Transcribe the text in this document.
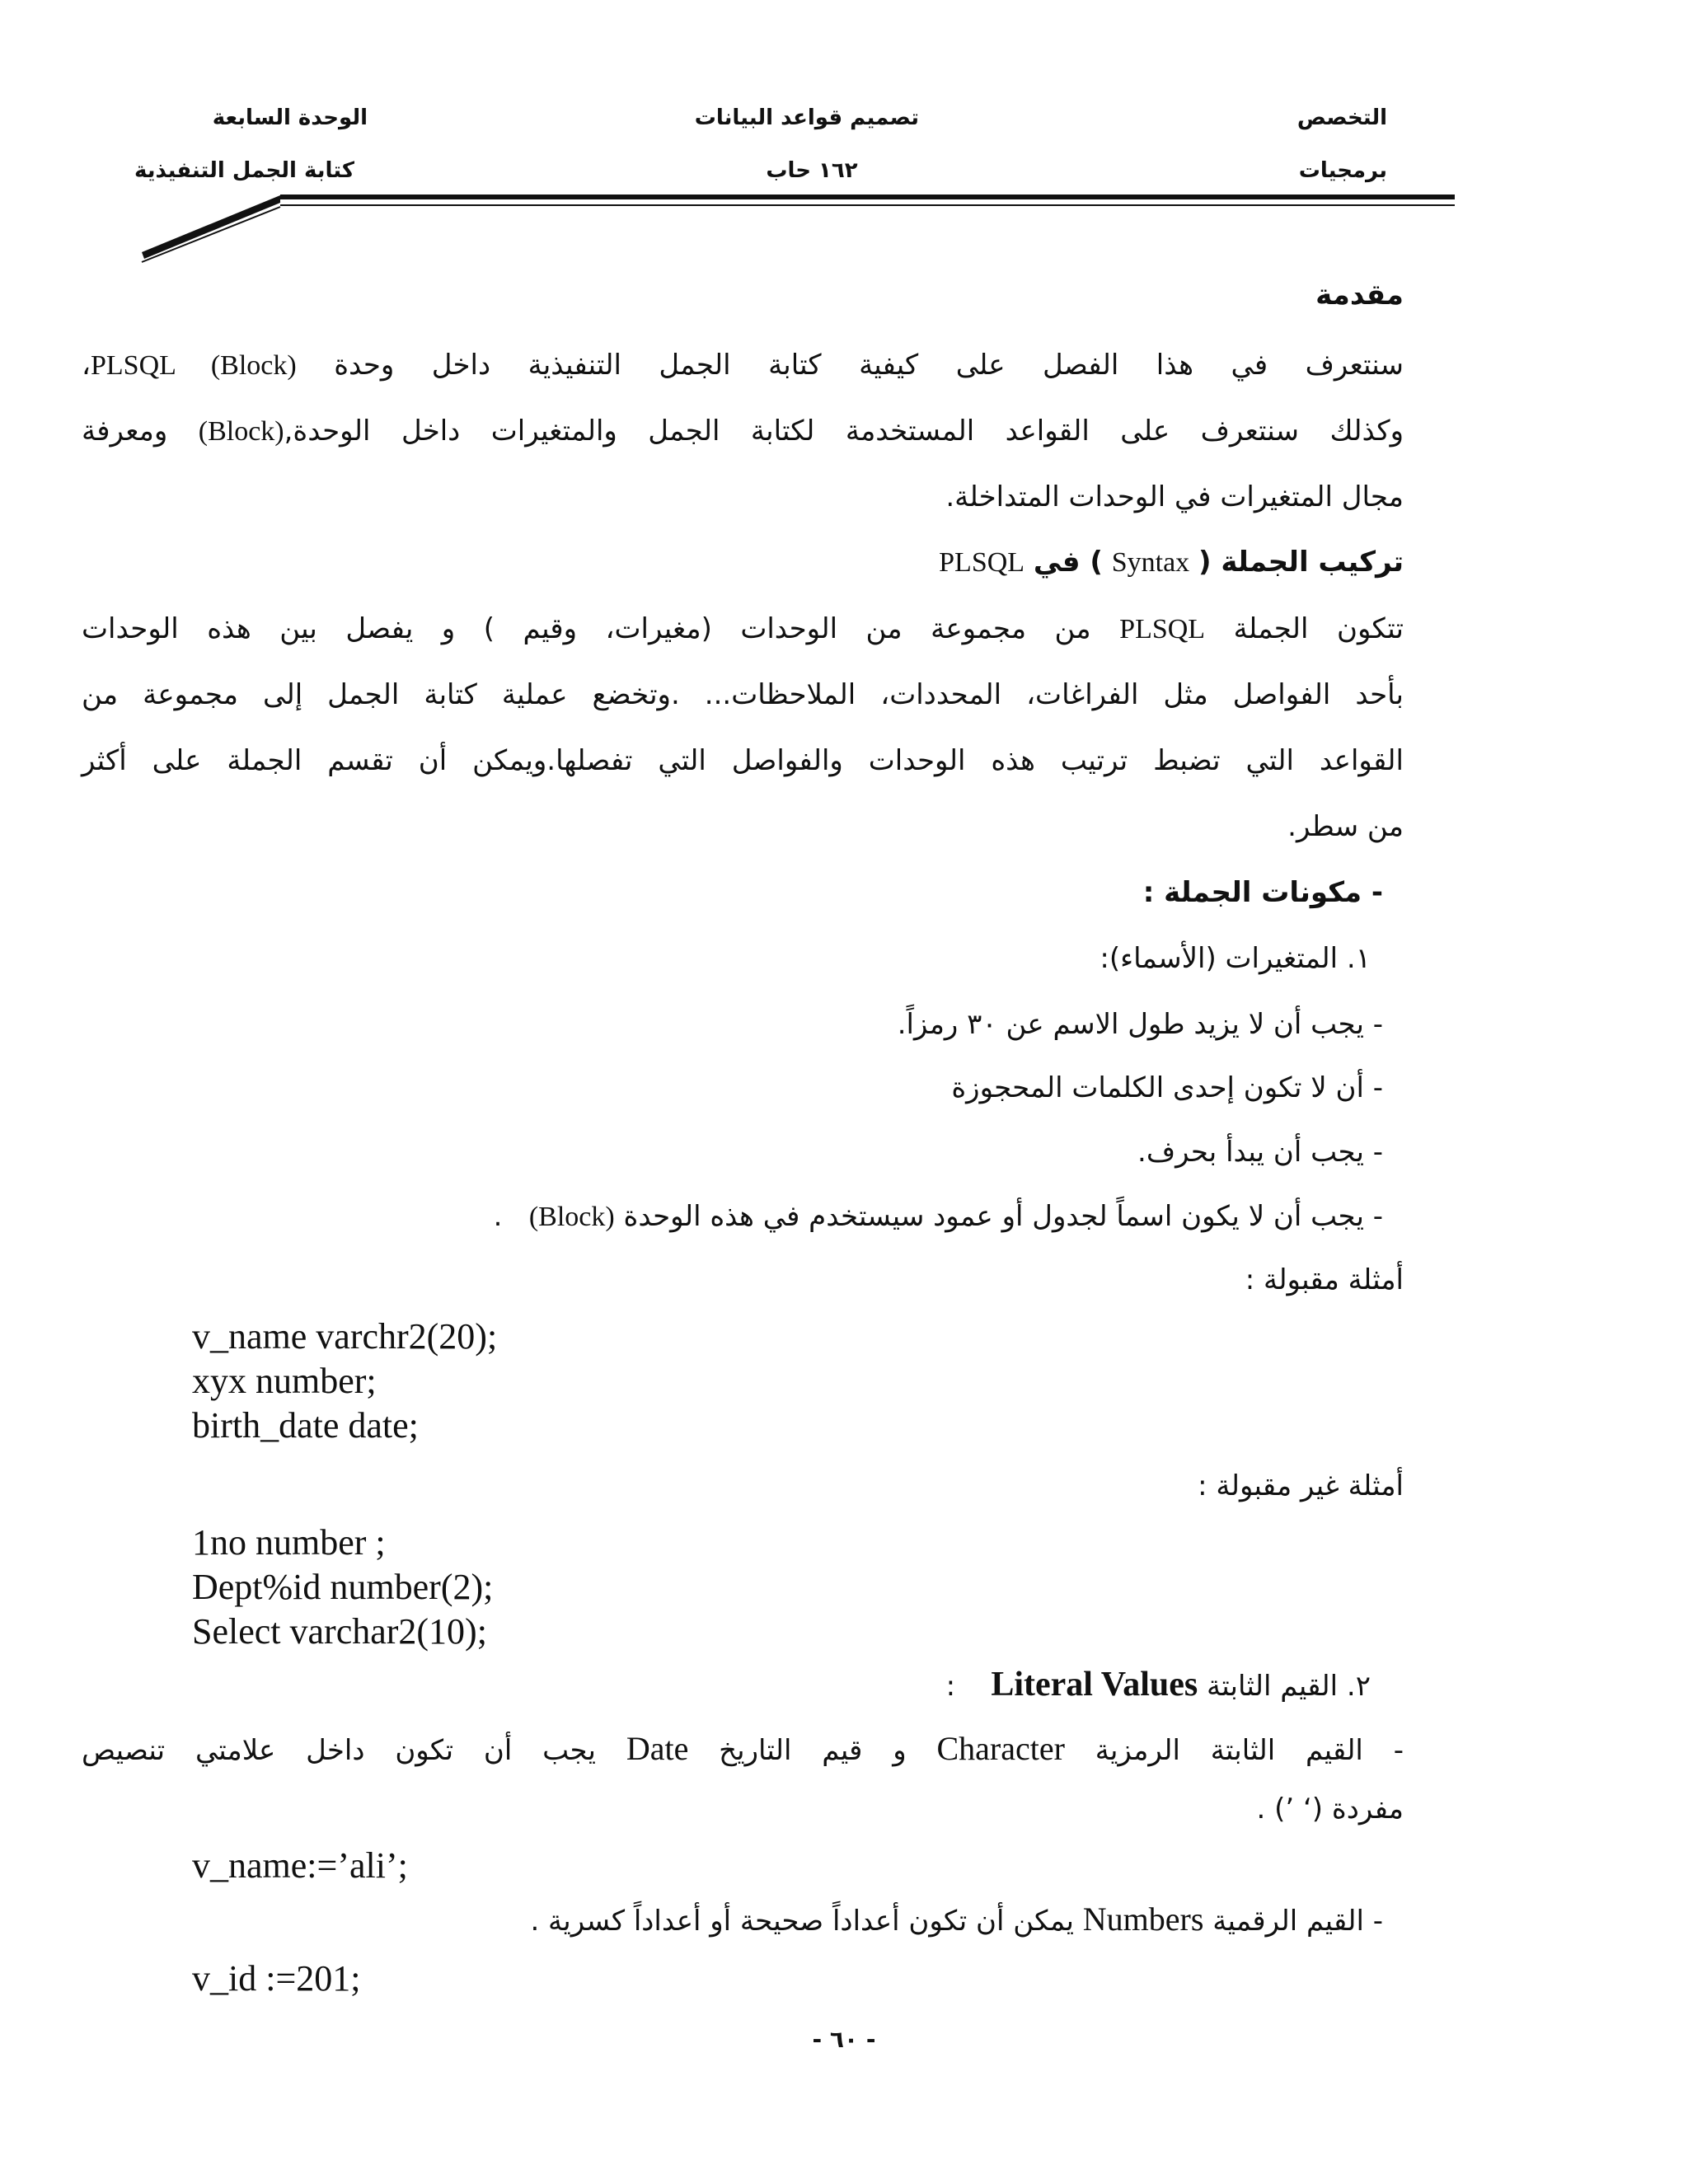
التخصص
برمجيات
تصميم قواعد البيانات
١٦٢ حاب
الوحدة السابعة
كتابة الجمل التنفيذية
مقدمة
سنتعرف في هذا الفصل على كيفية كتابة الجمل التنفيذية داخل وحدة PLSQL (Block)،
وكذلك سنتعرف على القواعد المستخدمة لكتابة الجمل والمتغيرات داخل الوحدة,(Block) ومعرفة
مجال المتغيرات في الوحدات المتداخلة.
تركيب الجملة ( Syntax ) في PLSQL
تتكون الجملة PLSQL من مجموعة من الوحدات (مغيرات، وقيم ) و يفصل بين هذه الوحدات
بأحد الفواصل مثل الفراغات، المحددات، الملاحظات... .وتخضع عملية كتابة الجمل إلى مجموعة من
القواعد التي تضبط ترتيب هذه الوحدات والفواصل التي تفصلها.ويمكن أن تقسم الجملة على أكثر
من سطر.
- مكونات الجملة :
١. المتغيرات (الأسماء):
- يجب أن لا يزيد طول الاسم عن ٣٠ رمزاً.
- أن لا تكون إحدى الكلمات المحجوزة
- يجب أن يبدأ بحرف.
- يجب أن لا يكون اسماً لجدول أو عمود سيستخدم في هذه الوحدة (Block)   .
أمثلة مقبولة :
v_name varchr2(20);
xyx number;
birth_date date;
أمثلة غير مقبولة :
1no number ;
Dept%id number(2);
Select varchar2(10);
٢. القيم الثابتة Literal Values    :
- القيم الثابتة الرمزية Character و قيم التاريخ Date يجب أن تكون داخل علامتي تنصيص
مفردة (‘ ’) .
v_name:=’ali’;
- القيم الرقمية Numbers يمكن أن تكون أعداداً صحيحة أو أعداداً كسرية .
v_id :=201;
- ٦٠ -
